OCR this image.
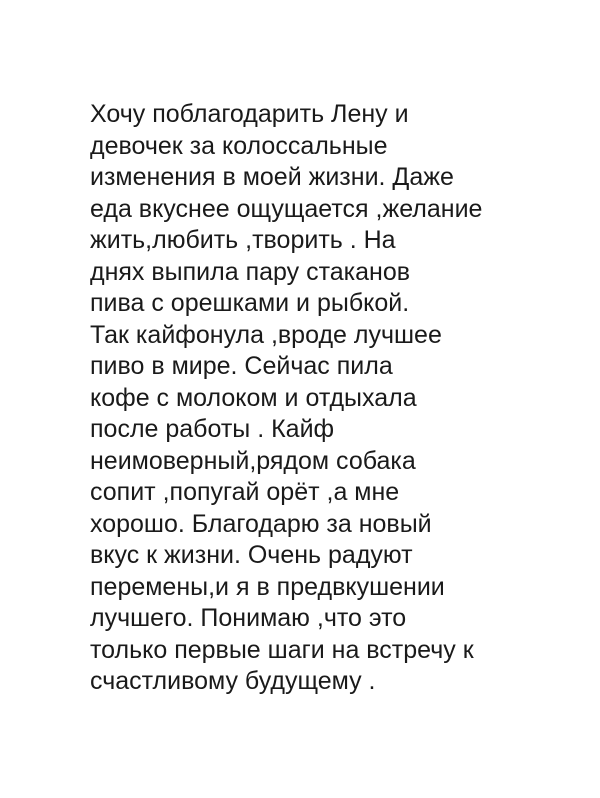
Хочу поблагодарить Лену и
девочек за колоссальные
изменения в моей жизни. Даже
еда вкуснее ощущается ,желание
жить,любить ,творить . На
днях выпила пару стаканов
пива с орешками и рыбкой.
Так кайфонула ,вроде лучшее
пиво в мире. Сейчас пила
кофе с молоком и отдыхала
после работы . Кайф
неимоверный,рядом собака
сопит ,попугай орёт ,а мне
хорошо. Благодарю за новый
вкус к жизни. Очень радуют
перемены,и я в предвкушении
лучшего. Понимаю ,что это
только первые шаги на встречу к
счастливому будущему .
